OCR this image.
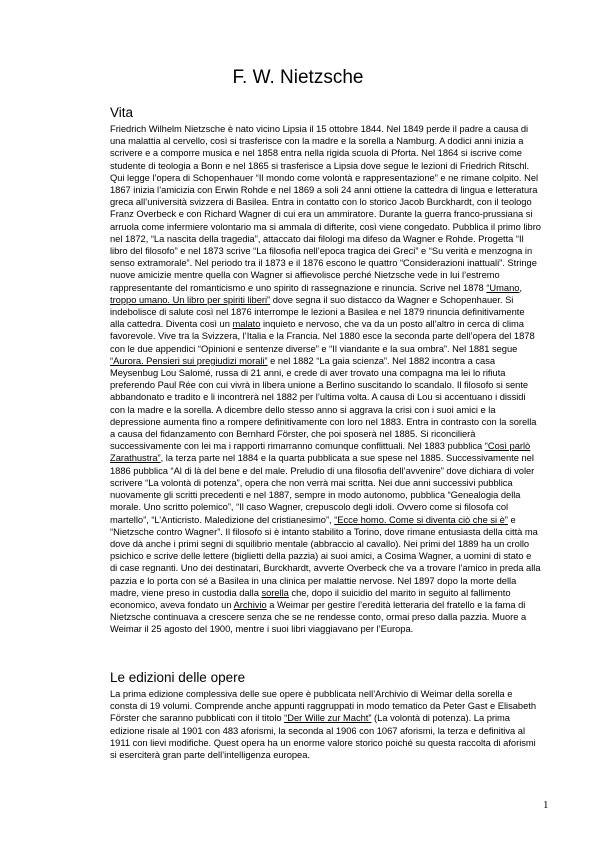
F. W. Nietzsche
Vita

Friedrich Wilhelm Nietzsche è nato vicino Lipsia il 15 ottobre 1844. Nel 1849 perde il padre a causa di
una malattia al cervello, così si trasferisce con la madre e la sorella a Namburg. A dodici anni inizia a
scrivere e a comporre musica e nel 1858 entra nella rigida scuola di Pforta. Nel 1864 si iscrive come
studente di teologia a Bonn e nel 1865 si trasferisce a Lipsia dove segue le lezioni di Friedrich Ritschl.
Qui legge l’opera di Schopenhauer “Il mondo come volontà e rappresentazione” e ne rimane colpito. Nel
1867 inizia l’amicizia con Erwin Rohde e nel 1869 a soli 24 anni ottiene la cattedra di lingua e letteratura
greca all’università svizzera di Basilea. Entra in contatto con lo storico Jacob Burckhardt, con il teologo
Franz Overbeck e con Richard Wagner di cui era un ammiratore. Durante la guerra franco-prussiana si
arruola come infermiere volontario ma si ammala di difterite, così viene congedato. Pubblica il primo libro
nel 1872, “La nascita della tragedia”, attaccato dai filologi ma difeso da Wagner e Rohde. Progetta “Il
libro del filosofo” e nel 1873 scrive “La filosofia nell’epoca tragica dei Greci” e “Su verità e menzogna in
senso extramorale”. Nel periodo tra il 1873 e il 1876 escono le quattro “Considerazioni inattuali”. Stringe
nuove amicizie mentre quella con Wagner si affievolisce perché Nietzsche vede in lui l’estremo
rappresentante del romanticismo e uno spirito di rassegnazione e rinuncia. Scrive nel 1878 “Umano,
troppo umano. Un libro per spiriti liberi” dove segna il suo distacco da Wagner e Schopenhauer. Si
indebolisce di salute così nel 1876 interrompe le lezioni a Basilea e nel 1879 rinuncia definitivamente
alla cattedra. Diventa così un malato inquieto e nervoso, che va da un posto all’altro in cerca di clima
favorevole. Vive tra la Svizzera, l’Italia e la Francia. Nel 1880 esce la seconda parte dell’opera del 1878
con le due appendici “Opinioni e sentenze diverse” e “Il viandante e la sua ombra”. Nel 1881 segue
“Aurora. Pensieri sui pregiudizi morali” e nel 1882 “La gaia scienza”. Nel 1882 incontra a casa
Meysenbug Lou Salomé, russa di 21 anni, e crede di aver trovato una compagna ma lei lo rifiuta
preferendo Paul Rée con cui vivrà in libera unione a Berlino suscitando lo scandalo. Il filosofo si sente
abbandonato e tradito e li incontrerà nel 1882 per l’ultima volta. A causa di Lou si accentuano i dissidi
con la madre e la sorella. A dicembre dello stesso anno si aggrava la crisi con i suoi amici e la
depressione aumenta fino a rompere definitivamente con loro nel 1883. Entra in contrasto con la sorella
a causa del fidanzamento con Bernhard Förster, che poi sposerà nel 1885. Si riconcilierà
successivamente con lei ma i rapporti rimarranno comunque conflittuali. Nel 1883 pubblica “Così parlò
Zarathustra”, la terza parte nel 1884 e la quarta pubblicata a sue spese nel 1885. Successivamente nel
1886 pubblica “Al di là del bene e del male. Preludio di una filosofia dell’avvenire” dove dichiara di voler
scrivere “La volontà di potenza”, opera che non verrà mai scritta. Nei due anni successivi pubblica
nuovamente gli scritti precedenti e nel 1887, sempre in modo autonomo, pubblica “Genealogia della
morale. Uno scritto polemico”, “Il caso Wagner, crepuscolo degli idoli. Ovvero come si filosofa col
martello”, “L’Anticristo. Maledizione del cristianesimo”, “Ecce homo. Come si diventa ciò che si è” e
“Nietzsche contro Wagner”. Il filosofo si è intanto stabilito a Torino, dove rimane entusiasta della città ma
dove dà anche i primi segni di squilibrio mentale (abbraccio al cavallo). Nei primi del 1889 ha un crollo
psichico e scrive delle lettere (biglietti della pazzia) ai suoi amici, a Cosima Wagner, a uomini di stato e
di case regnanti. Uno dei destinatari, Burckhardt, avverte Overbeck che va a trovare l’amico in preda alla
pazzia e lo porta con sé a Basilea in una clinica per malattie nervose. Nel 1897 dopo la morte della
madre, viene preso in custodia dalla sorella che, dopo il suicidio del marito in seguito al fallimento
economico, aveva fondato un Archivio a Weimar per gestire l’eredità letteraria del fratello e la fama di
Nietzsche continuava a crescere senza che se ne rendesse conto, ormai preso dalla pazzia. Muore a
Weimar il 25 agosto del 1900, mentre i suoi libri viaggiavano per l’Europa.

Le edizioni delle opere

La prima edizione complessiva delle sue opere è pubblicata nell’Archivio di Weimar della sorella e
consta di 19 volumi. Comprende anche appunti raggruppati in modo tematico da Peter Gast e Elisabeth
Förster che saranno pubblicati con il titolo “Der Wille zur Macht” (La volontà di potenza). La prima
edizione risale al 1901 con 483 aforismi, la seconda al 1906 con 1067 aforismi, la terza e definitiva al
1911 con lievi modifiche. Quest opera ha un enorme valore storico poiché su questa raccolta di aforismi
si eserciterà gran parte dell’intelligenza europea.

1
